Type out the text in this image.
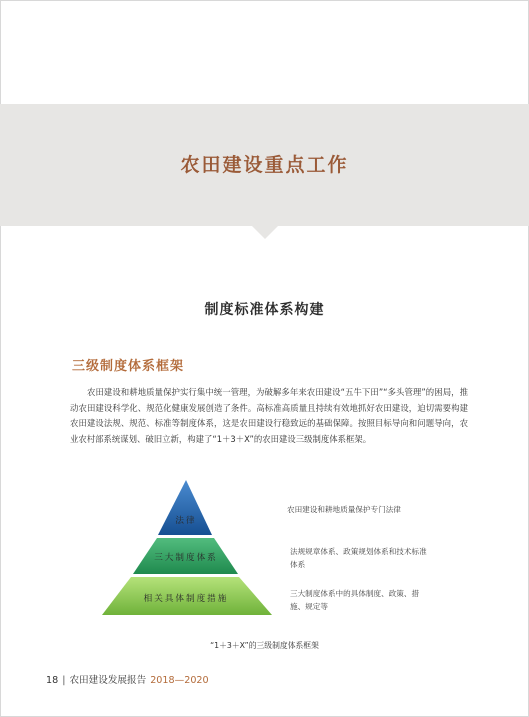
农田建设重点工作
制度标准体系构建
三级制度体系框架

农田建设和耕地质量保护实行集中统一管理，为破解多年来农田建设“五牛下田”“多头管理”的困局，推动农田建设科学化、规范化健康发展创造了条件。高标准高质量且持续有效地抓好农田建设，迫切需要构建农田建设法规、规范、标准等制度体系，这是农田建设行稳致远的基础保障。按照目标导向和问题导向，农业农村部系统谋划、破旧立新，构建了“1＋3＋X”的农田建设三级制度体系框架。

法律
三大制度体系
相关具体制度措施
农田建设和耕地质量保护专门法律
法规规章体系、政策规划体系和技术标准体系
三大制度体系中的具体制度、政策、措施、规定等
“1＋3＋X”的三级制度体系框架
18 | 农田建设发展报告 2018—2020
